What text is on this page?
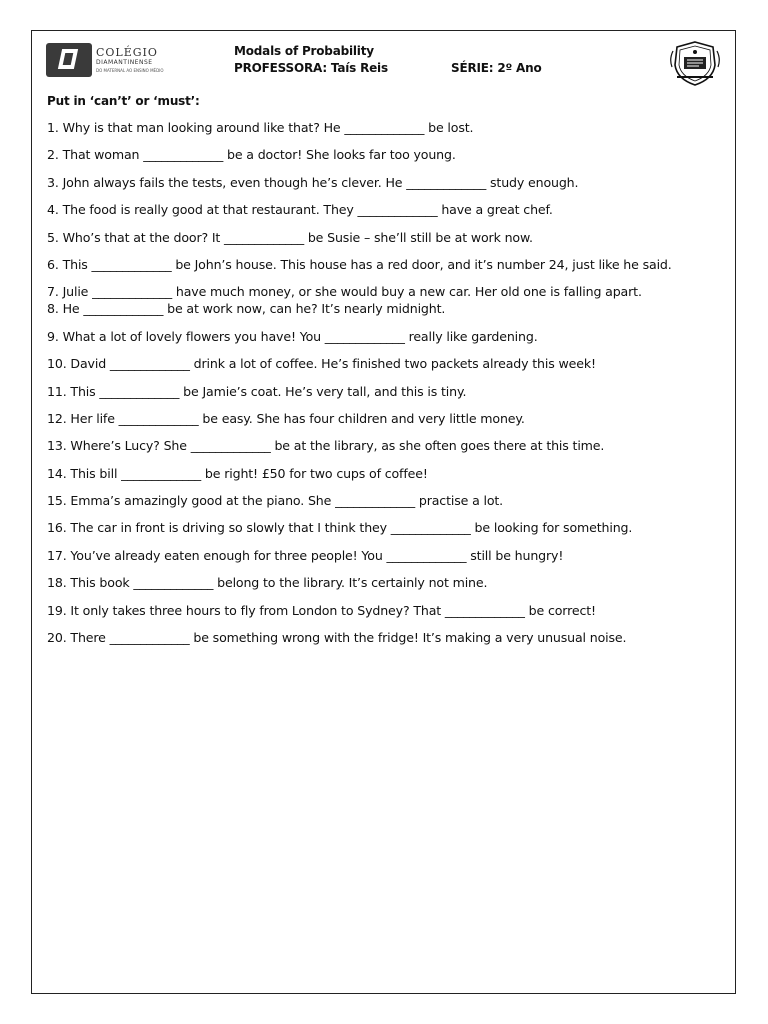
COLÉGIO
DIAMANTINENSE
DO MATERNAL AO ENSINO MÉDIO
Modals of Probability
PROFESSORA: Taís Reis	SÉRIE: 2º Ano
Put in ‘can’t’ or ‘must’:
1. Why is that man looking around like that? He _____________ be lost.
2. That woman _____________ be a doctor! She looks far too young.
3. John always fails the tests, even though he’s clever. He _____________ study enough.
4. The food is really good at that restaurant. They _____________ have a great chef.
5. Who’s that at the door? It _____________ be Susie – she’ll still be at work now.
6. This _____________ be John’s house. This house has a red door, and it’s number 24, just like he said.
7. Julie _____________ have much money, or she would buy a new car. Her old one is falling apart.
8. He _____________ be at work now, can he? It’s nearly midnight.
9. What a lot of lovely flowers you have! You _____________ really like gardening.
10. David _____________ drink a lot of coffee. He’s finished two packets already this week!
11. This _____________ be Jamie’s coat. He’s very tall, and this is tiny.
12. Her life _____________ be easy. She has four children and very little money.
13. Where’s Lucy? She _____________ be at the library, as she often goes there at this time.
14. This bill _____________ be right! £50 for two cups of coffee!
15. Emma’s amazingly good at the piano. She _____________ practise a lot.
16. The car in front is driving so slowly that I think they _____________ be looking for something.
17. You’ve already eaten enough for three people! You _____________ still be hungry!
18. This book _____________ belong to the library. It’s certainly not mine.
19. It only takes three hours to fly from London to Sydney? That _____________ be correct!
20. There _____________ be something wrong with the fridge! It’s making a very unusual noise.
